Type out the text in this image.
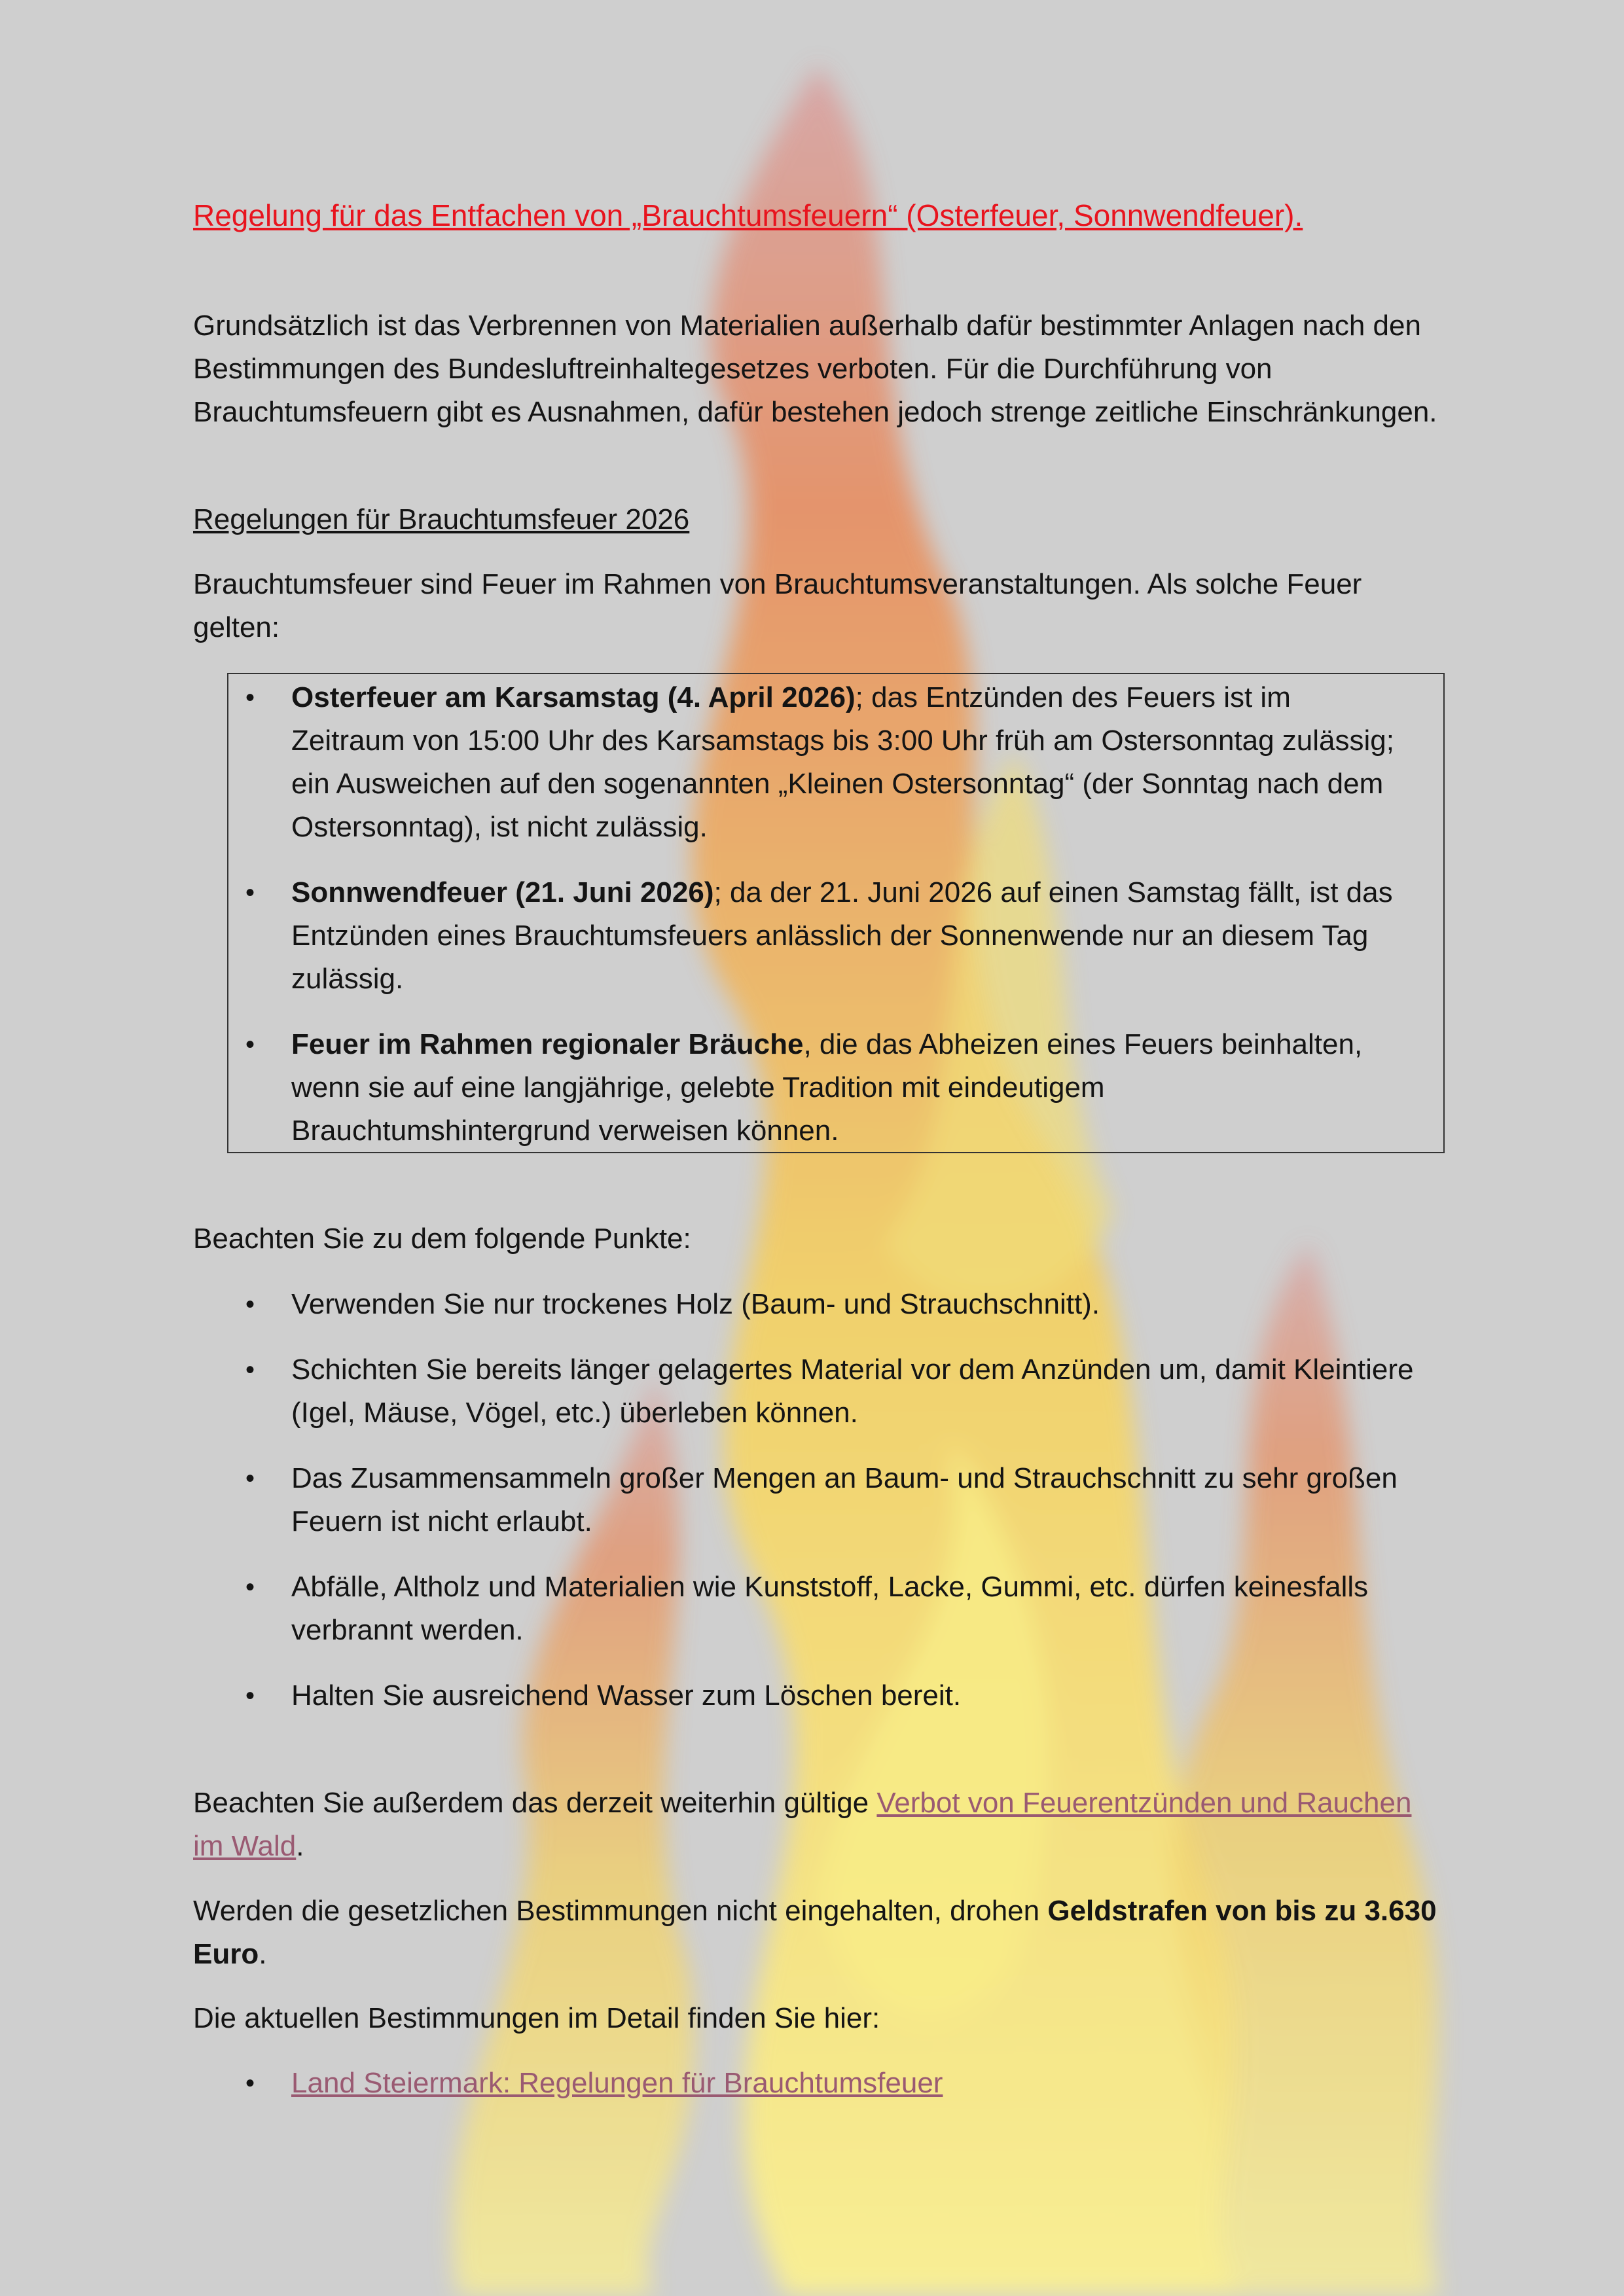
Regelung für das Entfachen von „Brauchtumsfeuern“ (Osterfeuer, Sonnwendfeuer).

Grundsätzlich ist das Verbrennen von Materialien außerhalb dafür bestimmter Anlagen nach den Bestimmungen des Bundesluftreinhaltegesetzes verboten. Für die Durchführung von Brauchtumsfeuern gibt es Ausnahmen, dafür bestehen jedoch strenge zeitliche Einschränkungen.

Regelungen für Brauchtumsfeuer 2026

Brauchtumsfeuer sind Feuer im Rahmen von Brauchtumsveranstaltungen. Als solche Feuer gelten:

• Osterfeuer am Karsamstag (4. April 2026); das Entzünden des Feuers ist im Zeitraum von 15:00 Uhr des Karsamstags bis 3:00 Uhr früh am Ostersonntag zulässig; ein Ausweichen auf den sogenannten „Kleinen Ostersonntag“ (der Sonntag nach dem Ostersonntag), ist nicht zulässig.
• Sonnwendfeuer (21. Juni 2026); da der 21. Juni 2026 auf einen Samstag fällt, ist das Entzünden eines Brauchtumsfeuers anlässlich der Sonnenwende nur an diesem Tag zulässig.
• Feuer im Rahmen regionaler Bräuche, die das Abheizen eines Feuers beinhalten, wenn sie auf eine langjährige, gelebte Tradition mit eindeutigem Brauchtumshintergrund verweisen können.

Beachten Sie zu dem folgende Punkte:

• Verwenden Sie nur trockenes Holz (Baum- und Strauchschnitt).
• Schichten Sie bereits länger gelagertes Material vor dem Anzünden um, damit Kleintiere (Igel, Mäuse, Vögel, etc.) überleben können.
• Das Zusammensammeln großer Mengen an Baum- und Strauchschnitt zu sehr großen Feuern ist nicht erlaubt.
• Abfälle, Altholz und Materialien wie Kunststoff, Lacke, Gummi, etc. dürfen keinesfalls verbrannt werden.
• Halten Sie ausreichend Wasser zum Löschen bereit.

Beachten Sie außerdem das derzeit weiterhin gültige Verbot von Feuerentzünden und Rauchen im Wald.

Werden die gesetzlichen Bestimmungen nicht eingehalten, drohen Geldstrafen von bis zu 3.630 Euro.

Die aktuellen Bestimmungen im Detail finden Sie hier:

• Land Steiermark: Regelungen für Brauchtumsfeuer
